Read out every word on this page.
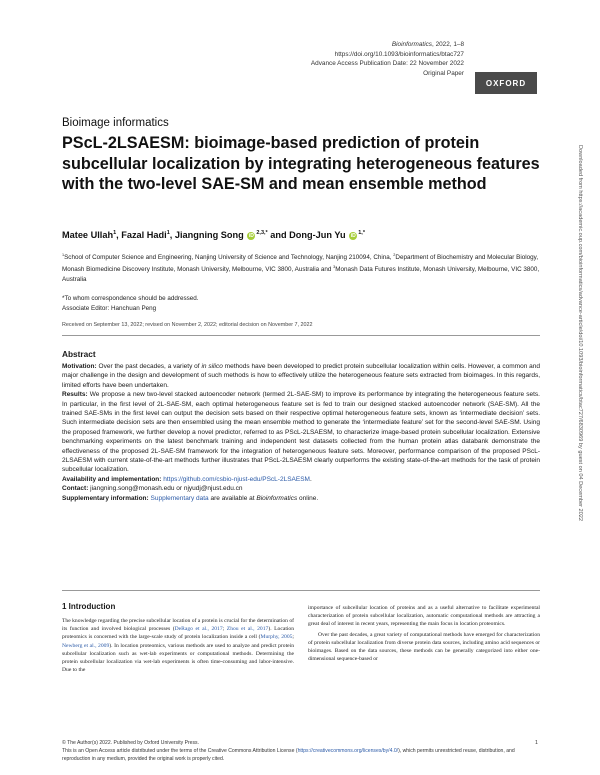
Bioinformatics, 2022, 1–8
https://doi.org/10.1093/bioinformatics/btac727
Advance Access Publication Date: 22 November 2022
Original Paper
OXFORD
Bioimage informatics
PScL-2LSAESM: bioimage-based prediction of protein subcellular localization by integrating heterogeneous features with the two-level SAE-SM and mean ensemble method
Matee Ullah$^1$, Fazal Hadi$^1$, Jiangning Song iD $^{2,3,*}$ and Dong-Jun Yu iD $^{1,*}$
$^1$School of Computer Science and Engineering, Nanjing University of Science and Technology, Nanjing 210094, China, $^2$Department of Biochemistry and Molecular Biology, Monash Biomedicine Discovery Institute, Monash University, Melbourne, VIC 3800, Australia and $^3$Monash Data Futures Institute, Monash University, Melbourne, VIC 3800, Australia
*To whom correspondence should be addressed.
Associate Editor: Hanchuan Peng
Received on September 13, 2022; revised on November 2, 2022; editorial decision on November 7, 2022
Abstract

Motivation: Over the past decades, a variety of in silico methods have been developed to predict protein subcellular localization within cells. However, a common and major challenge in the design and development of such methods is how to effectively utilize the heterogeneous feature sets extracted from bioimages. In this regards, limited efforts have been undertaken.

Results: We propose a new two-level stacked autoencoder network (termed 2L-SAE-SM) to improve its performance by integrating the heterogeneous feature sets. In particular, in the first level of 2L-SAE-SM, each optimal heterogeneous feature set is fed to train our designed stacked autoencoder network (SAE-SM). All the trained SAE-SMs in the first level can output the decision sets based on their respective optimal heterogeneous feature sets, known as ‘intermediate decision’ sets. Such intermediate decision sets are then ensembled using the mean ensemble method to generate the ‘intermediate feature’ set for the second-level SAE-SM. Using the proposed framework, we further develop a novel predictor, referred to as PScL-2LSAESM, to characterize image-based protein subcellular localization. Extensive benchmarking experiments on the latest benchmark training and independent test datasets collected from the human protein atlas databank demonstrate the effectiveness of the proposed 2L-SAE-SM framework for the integration of heterogeneous feature sets. Moreover, performance comparison of the proposed PScL-2LSAESM with current state-of-the-art methods further illustrates that PScL-2LSAESM clearly outperforms the existing state-of-the-art methods for the task of protein subcellular localization.

Availability and implementation: https://github.com/csbio-njust-edu/PScL-2LSAESM.

Contact: jiangning.song@monash.edu or njyudj@njust.edu.cn

Supplementary information: Supplementary data are available at Bioinformatics online.

1 Introduction

The knowledge regarding the precise subcellular location of a protein is crucial for the determination of its function and involved biological processes (DeRago et al., 2017; Zhou et al., 2017). Location proteomics is concerned with the large-scale study of protein localization inside a cell (Murphy, 2005; Newberg et al., 2009). In location proteomics, various methods are used to analyze and predict protein subcellular localization such as wet-lab experiments or computational methods. Determining the protein subcellular localization via wet-lab experiments is often time-consuming and labor-intensive. Due to the

importance of subcellular location of proteins and as a useful alternative to facilitate experimental characterization of protein subcellular localization, automatic computational methods are attracting a great deal of interest in recent years, representing the main focus in location proteomics.

Over the past decades, a great variety of computational methods have emerged for characterization of protein subcellular localization from diverse protein data sources, including amino acid sequences or bioimages. Based on the data sources, these methods can be generally categorized into either one-dimensional sequence-based or

© The Author(s) 2022. Published by Oxford University Press.	1
This is an Open Access article distributed under the terms of the Creative Commons Attribution License (https://creativecommons.org/licenses/by/4.0/), which permits unrestricted reuse, distribution, and reproduction in any medium, provided the original work is properly cited.
Downloaded from https://academic.oup.com/bioinformatics/advance-article/doi/10.1093/bioinformatics/btac727/6830969 by guest on 04 December 2022
